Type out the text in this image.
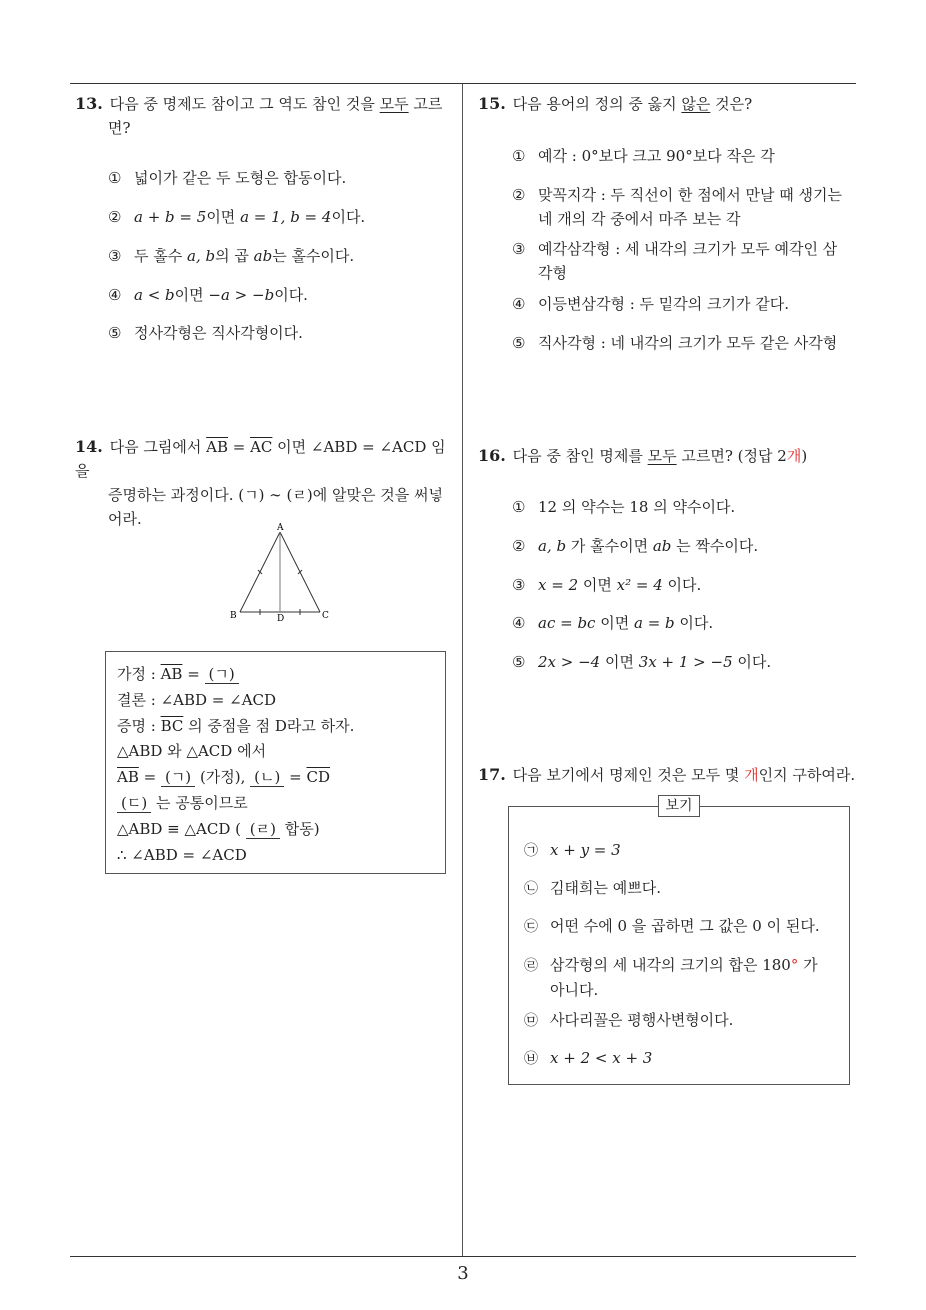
13. 다음 중 명제도 참이고 그 역도 참인 것을 모두 고르
면?
① 넓이가 같은 두 도형은 합동이다.
② a + b = 5이면 a = 1, b = 4이다.
③ 두 홀수 a, b의 곱 ab는 홀수이다.
④ a < b이면 −a > −b이다.
⑤ 정사각형은 직사각형이다.
14. 다음 그림에서 $\overline{AB} = \overline{AC}$ 이면 ∠ABD = ∠ACD 임을
증명하는 과정이다. (ㄱ) ∼ (ㄹ)에 알맞은 것을 써넣
어라.	A
B	C
D
가정 : $\overline{AB}$ = (ㄱ)
결론 : ∠ABD = ∠ACD
증명 : $\overline{BC}$ 의 중점을 점 D라고 하자.
△ABD 와 △ACD 에서
$\overline{AB}$ = (ㄱ) (가정), (ㄴ) = $\overline{CD}$
(ㄷ) 는 공통이므로
△ABD ≡ △ACD ( (ㄹ) 합동)
∴ ∠ABD = ∠ACD
15. 다음 용어의 정의 중 옳지 않은 것은?
① 예각 : 0°보다 크고 90°보다 작은 각
② 맞꼭지각 : 두 직선이 한 점에서 만날 때 생기는
네 개의 각 중에서 마주 보는 각
③ 예각삼각형 : 세 내각의 크기가 모두 예각인 삼
각형
④ 이등변삼각형 : 두 밑각의 크기가 같다.
⑤ 직사각형 : 네 내각의 크기가 모두 같은 사각형
16. 다음 중 참인 명제를 모두 고르면? (정답 2개)
① 12 의 약수는 18 의 약수이다.
② a, b 가 홀수이면 ab 는 짝수이다.
③ x = 2 이면 x² = 4 이다.
④ ac = bc 이면 a = b 이다.
⑤ 2x > −4 이면 3x + 1 > −5 이다.
17. 다음 보기에서 명제인 것은 모두 몇 개인지 구하여라.
보기
㉠ x + y = 3
㉡ 김태희는 예쁘다.
㉢ 어떤 수에 0 을 곱하면 그 값은 0 이 된다.
㉣ 삼각형의 세 내각의 크기의 합은 180° 가
아니다.
㉤ 사다리꼴은 평행사변형이다.
㉥ x + 2 < x + 3
3
